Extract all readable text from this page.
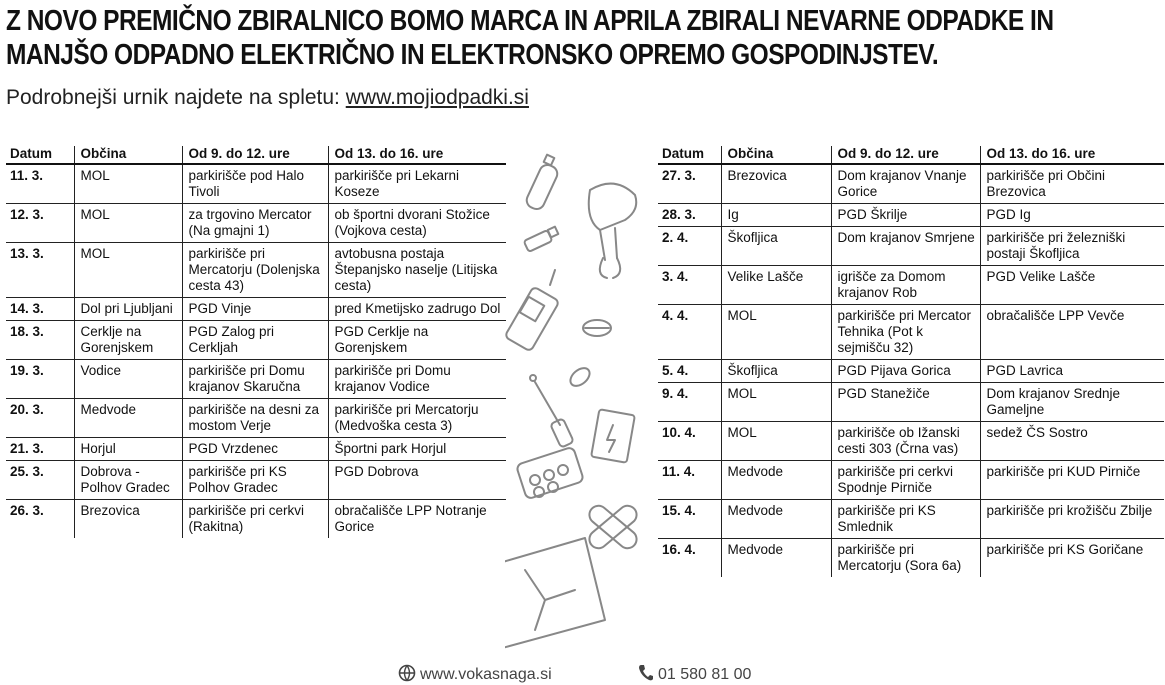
Z NOVO PREMIČNO ZBIRALNICO BOMO MARCA IN APRILA ZBIRALI NEVARNE ODPADKE IN
MANJŠO ODPADNO ELEKTRIČNO IN ELEKTRONSKO OPREMO GOSPODINJSTEV.
Podrobnejši urnik najdete na spletu: www.mojiodpadki.si
Datum	Občina	Od 9. do 12. ure	Od 13. do 16. ure
11. 3.	MOL	parkirišče pod Halo Tivoli	parkirišče pri Lekarni Koseze
12. 3.	MOL	za trgovino Mercator (Na gmajni 1)	ob športni dvorani Stožice (Vojkova cesta)
13. 3.	MOL	parkirišče pri Mercatorju (Dolenjska cesta 43)	avtobusna postaja Štepanjsko naselje (Litijska cesta)
14. 3.	Dol pri Ljubljani	PGD Vinje	pred Kmetijsko zadrugo Dol
18. 3.	Cerklje na Gorenjskem	PGD Zalog pri Cerkljah	PGD Cerklje na Gorenjskem
19. 3.	Vodice	parkirišče pri Domu krajanov Skaručna	parkirišče pri Domu krajanov Vodice
20. 3.	Medvode	parkirišče na desni za mostom Verje	parkirišče pri Mercatorju (Medvoška cesta 3)
21. 3.	Horjul	PGD Vrzdenec	Športni park Horjul
25. 3.	Dobrova - Polhov Gradec	parkirišče pri KS Polhov Gradec	PGD Dobrova
26. 3.	Brezovica	parkirišče pri cerkvi (Rakitna)	obračališče LPP Notranje Gorice
Datum	Občina	Od 9. do 12. ure	Od 13. do 16. ure
27. 3.	Brezovica	Dom krajanov Vnanje Gorice	parkirišče pri Občini Brezovica
28. 3.	Ig	PGD Škrilje	PGD Ig
2. 4.	Škofljica	Dom krajanov Smrjene	parkirišče pri železniški postaji Škofljica
3. 4.	Velike Lašče	igrišče za Domom krajanov Rob	PGD Velike Lašče
4. 4.	MOL	parkirišče pri Mercator Tehnika (Pot k sejmišču 32)	obračališče LPP Vevče
5. 4.	Škofljica	PGD Pijava Gorica	PGD Lavrica
9. 4.	MOL	PGD Stanežiče	Dom krajanov Srednje Gameljne
10. 4.	MOL	parkirišče ob Ižanski cesti 303 (Črna vas)	sedež ČS Sostro
11. 4.	Medvode	parkirišče pri cerkvi Spodnje Pirniče	parkirišče pri KUD Pirniče
15. 4.	Medvode	parkirišče pri KS Smlednik	parkirišče pri krožišču Zbilje
16. 4.	Medvode	parkirišče pri Mercatorju (Sora 6a)	parkirišče pri KS Goričane
www.vokasnaga.si	01 580 81 00
